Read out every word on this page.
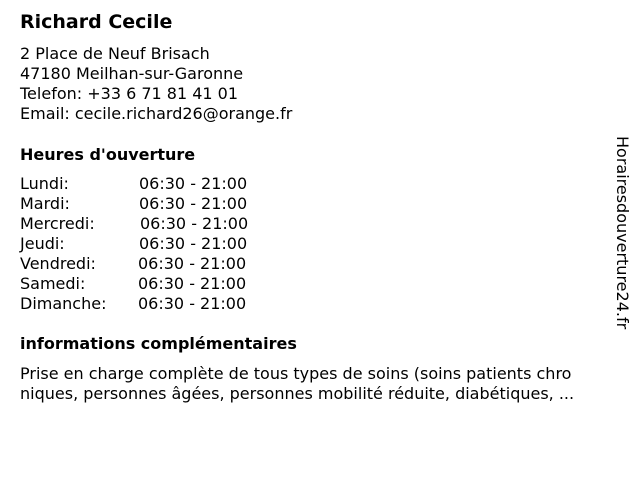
Richard Cecile
2 Place de Neuf Brisach
47180 Meilhan-sur-Garonne
Telefon: +33 6 71 81 41 01
Email: cecile.richard26@orange.fr
Heures d'ouverture
Lundi:	06:30 - 21:00
Mardi:	06:30 - 21:00
Mercredi:	06:30 - 21:00
Jeudi:	06:30 - 21:00
Vendredi:	06:30 - 21:00
Samedi:	06:30 - 21:00
Dimanche: 06:30 - 21:00
informations complémentaires
Prise en charge complète de tous types de soins (soins patients chro
niques, personnes âgées, personnes mobilité réduite, diabétiques, ...
Horairesdouverture24.fr
